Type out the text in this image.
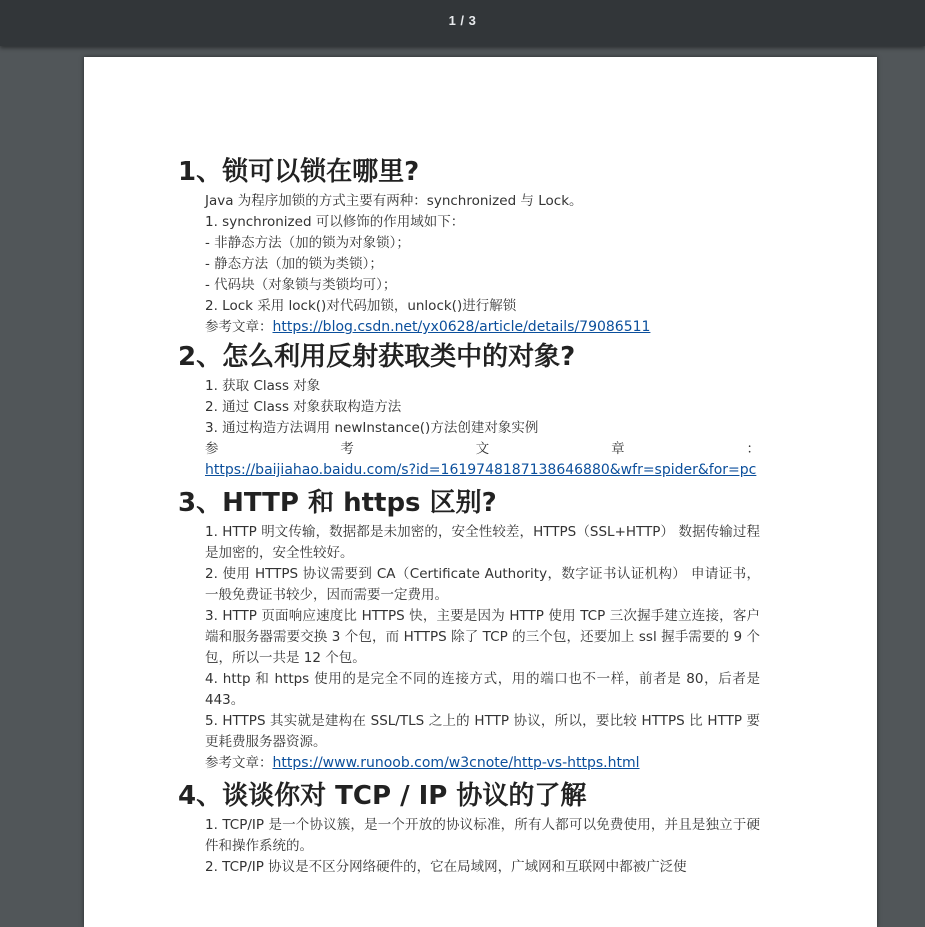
1 / 3
1、锁可以锁在哪里?

Java 为程序加锁的方式主要有两种：synchronized 与 Lock。

1. synchronized 可以修饰的作用域如下：

- 非静态方法（加的锁为对象锁）；

- 静态方法（加的锁为类锁）；

- 代码块（对象锁与类锁均可）；

2. Lock 采用 lock()对代码加锁，unlock()进行解锁

参考文章：https://blog.csdn.net/yx0628/article/details/79086511

2、怎么利用反射获取类中的对象?

1. 获取 Class 对象

2. 通过 Class 对象获取构造方法

3. 通过构造方法调用 newInstance()方法创建对象实例

参 考 文 章 ：

https://baijiahao.baidu.com/s?id=1619748187138646880&wfr=spider&for=pc

3、HTTP 和 https 区别?

1. HTTP 明文传输，数据都是未加密的，安全性较差，HTTPS（SSL+HTTP） 数据传输过程是加密的，安全性较好。

2. 使用 HTTPS 协议需要到 CA（Certificate Authority，数字证书认证机构） 申请证书，一般免费证书较少，因而需要一定费用。

3. HTTP 页面响应速度比 HTTPS 快，主要是因为 HTTP 使用 TCP 三次握手建立连接，客户端和服务器需要交换 3 个包，而 HTTPS 除了 TCP 的三个包，还要加上 ssl 握手需要的 9 个包，所以一共是 12 个包。

4. http 和 https 使用的是完全不同的连接方式，用的端口也不一样，前者是 80，后者是 443。

5. HTTPS 其实就是建构在 SSL/TLS 之上的 HTTP 协议，所以，要比较 HTTPS 比 HTTP 要更耗费服务器资源。

参考文章：https://www.runoob.com/w3cnote/http-vs-https.html

4、谈谈你对 TCP / IP 协议的了解

1. TCP/IP 是一个协议簇，是一个开放的协议标准，所有人都可以免费使用，并且是独立于硬件和操作系统的。

2. TCP/IP 协议是不区分网络硬件的，它在局域网，广域网和互联网中都被广泛使
